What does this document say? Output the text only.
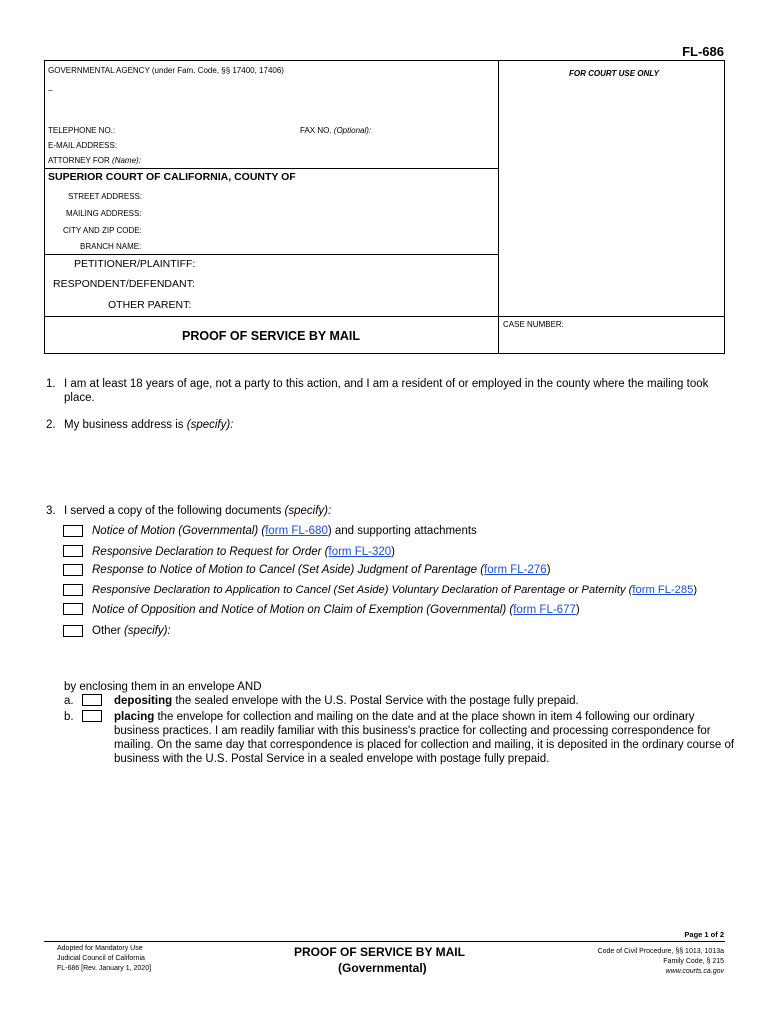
FL-686
GOVERNMENTAL AGENCY (under Fam. Code, §§ 17400, 17406)
_
FOR COURT USE ONLY
TELEPHONE NO.:	FAX NO. (Optional):
E-MAIL ADDRESS:
ATTORNEY FOR (Name):
SUPERIOR COURT OF CALIFORNIA, COUNTY OF
STREET ADDRESS:
MAILING ADDRESS:
CITY AND ZIP CODE:
BRANCH NAME:
PETITIONER/PLAINTIFF:
RESPONDENT/DEFENDANT:
OTHER PARENT:
PROOF OF SERVICE BY MAIL
CASE NUMBER:
1. I am at least 18 years of age, not a party to this action, and I am a resident of or employed in the county where the mailing took place.
2. My business address is (specify):
3. I served a copy of the following documents (specify):
Notice of Motion (Governmental) (form FL-680) and supporting attachments
Responsive Declaration to Request for Order (form FL-320)
Response to Notice of Motion to Cancel (Set Aside) Judgment of Parentage (form FL-276)
Responsive Declaration to Application to Cancel (Set Aside) Voluntary Declaration of Parentage or Paternity (form FL-285)
Notice of Opposition and Notice of Motion on Claim of Exemption (Governmental) (form FL-677)
Other (specify):
by enclosing them in an envelope AND
a.	depositing the sealed envelope with the U.S. Postal Service with the postage fully prepaid.
b.	placing the envelope for collection and mailing on the date and at the place shown in item 4 following our ordinary
business practices. I am readily familiar with this business's practice for collecting and processing correspondence for
mailing. On the same day that correspondence is placed for collection and mailing, it is deposited in the ordinary course of
business with the U.S. Postal Service in a sealed envelope with postage fully prepaid.
Page 1 of 2
Adopted for Mandatory Use
Judicial Council of California
FL-686 [Rev. January 1, 2020]
PROOF OF SERVICE BY MAIL
(Governmental)
Code of Civil Procedure, §§ 1013, 1013a
Family Code, § 215
www.courts.ca.gov
